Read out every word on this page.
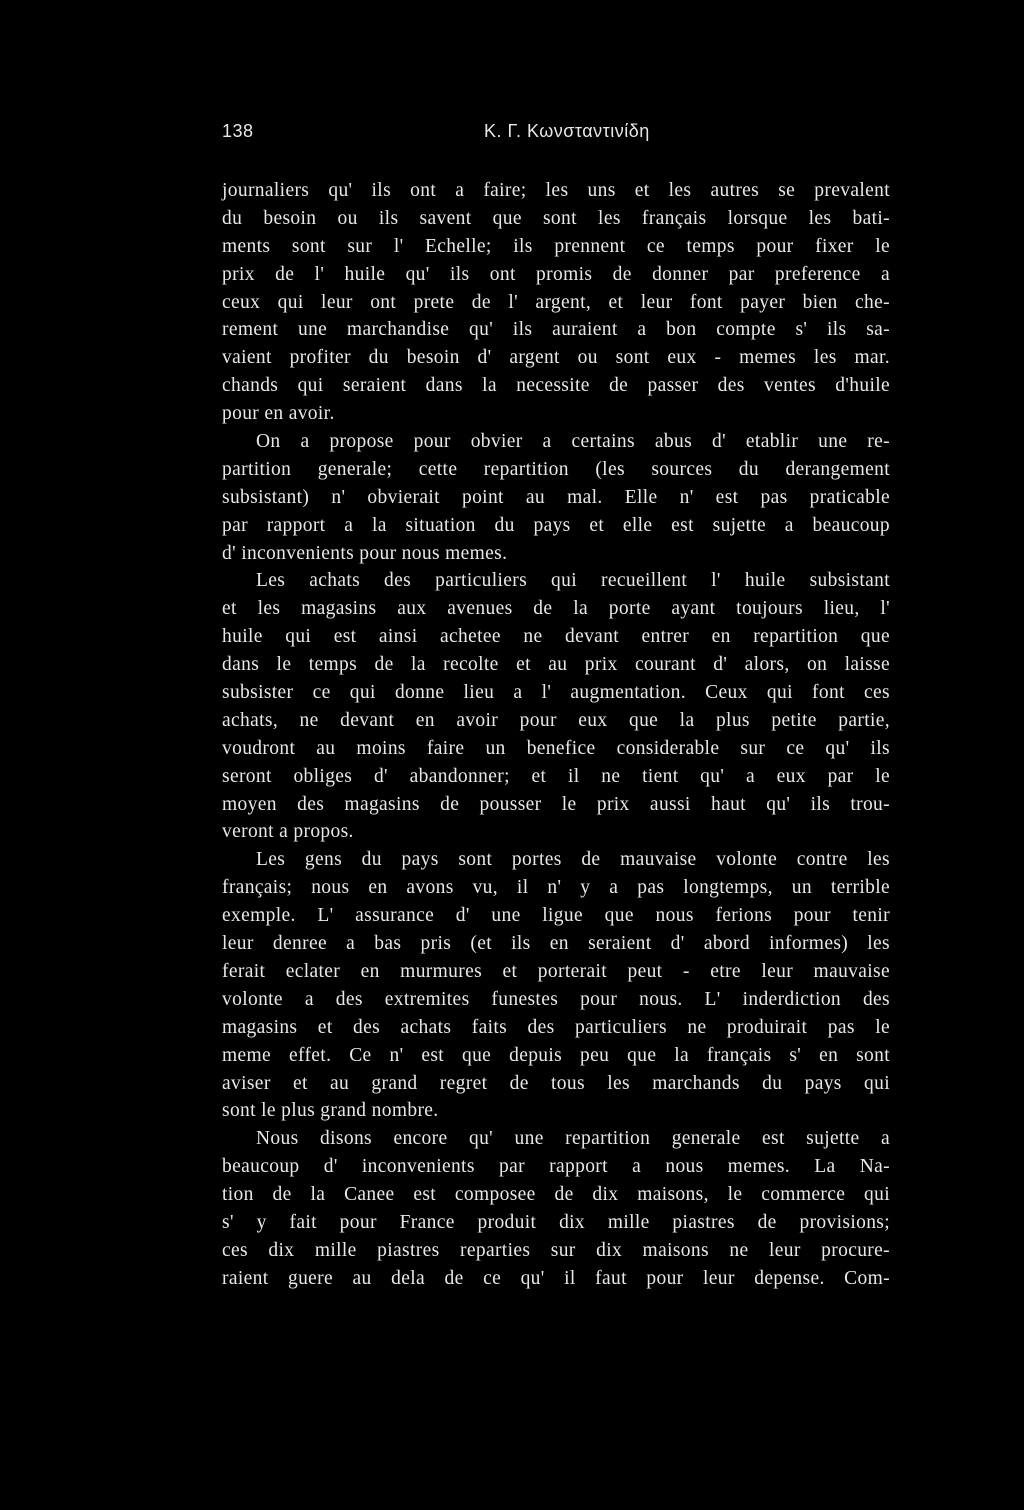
138	Κ. Γ. Κωνσταντινίδη
journaliers qu' ils ont a faire; les uns et les autres se prevalent
du besoin ou ils savent que sont les français lorsque les bati-
ments sont sur l' Echelle; ils prennent ce temps pour fixer le
prix de l' huile qu' ils ont promis de donner par preference a
ceux qui leur ont prete de l' argent, et leur font payer bien che-
rement une marchandise qu' ils auraient a bon compte s' ils sa-
vaient profiter du besoin d' argent ou sont eux - memes les mar.
chands qui seraient dans la necessite de passer des ventes d'huile
pour en avoir.
On a propose pour obvier a certains abus d' etablir une re-
partition generale; cette repartition (les sources du derangement
subsistant) n' obvierait point au mal. Elle n' est pas praticable
par rapport a la situation du pays et elle est sujette a beaucoup
d' inconvenients pour nous memes.
Les achats des particuliers qui recueillent l' huile subsistant
et les magasins aux avenues de la porte ayant toujours lieu, l'
huile qui est ainsi achetee ne devant entrer en repartition que
dans le temps de la recolte et au prix courant d' alors, on laisse
subsister ce qui donne lieu a l' augmentation. Ceux qui font ces
achats, ne devant en avoir pour eux que la plus petite partie,
voudront au moins faire un benefice considerable sur ce qu' ils
seront obliges d' abandonner; et il ne tient qu' a eux par le
moyen des magasins de pousser le prix aussi haut qu' ils trou-
veront a propos.
Les gens du pays sont portes de mauvaise volonte contre les
français; nous en avons vu, il n' y a pas longtemps, un terrible
exemple. L' assurance d' une ligue que nous ferions pour tenir
leur denree a bas pris (et ils en seraient d' abord informes) les
ferait eclater en murmures et porterait peut - etre leur mauvaise
volonte a des extremites funestes pour nous. L' inderdiction des
magasins et des achats faits des particuliers ne produirait pas le
meme effet. Ce n' est que depuis peu que la français s' en sont
aviser et au grand regret de tous les marchands du pays qui
sont le plus grand nombre.
Nous disons encore qu' une repartition generale est sujette a
beaucoup d' inconvenients par rapport a nous memes. La Na-
tion de la Canee est composee de dix maisons, le commerce qui
s' y fait pour France produit dix mille piastres de provisions;
ces dix mille piastres reparties sur dix maisons ne leur procure-
raient guere au dela de ce qu' il faut pour leur depense. Com-
